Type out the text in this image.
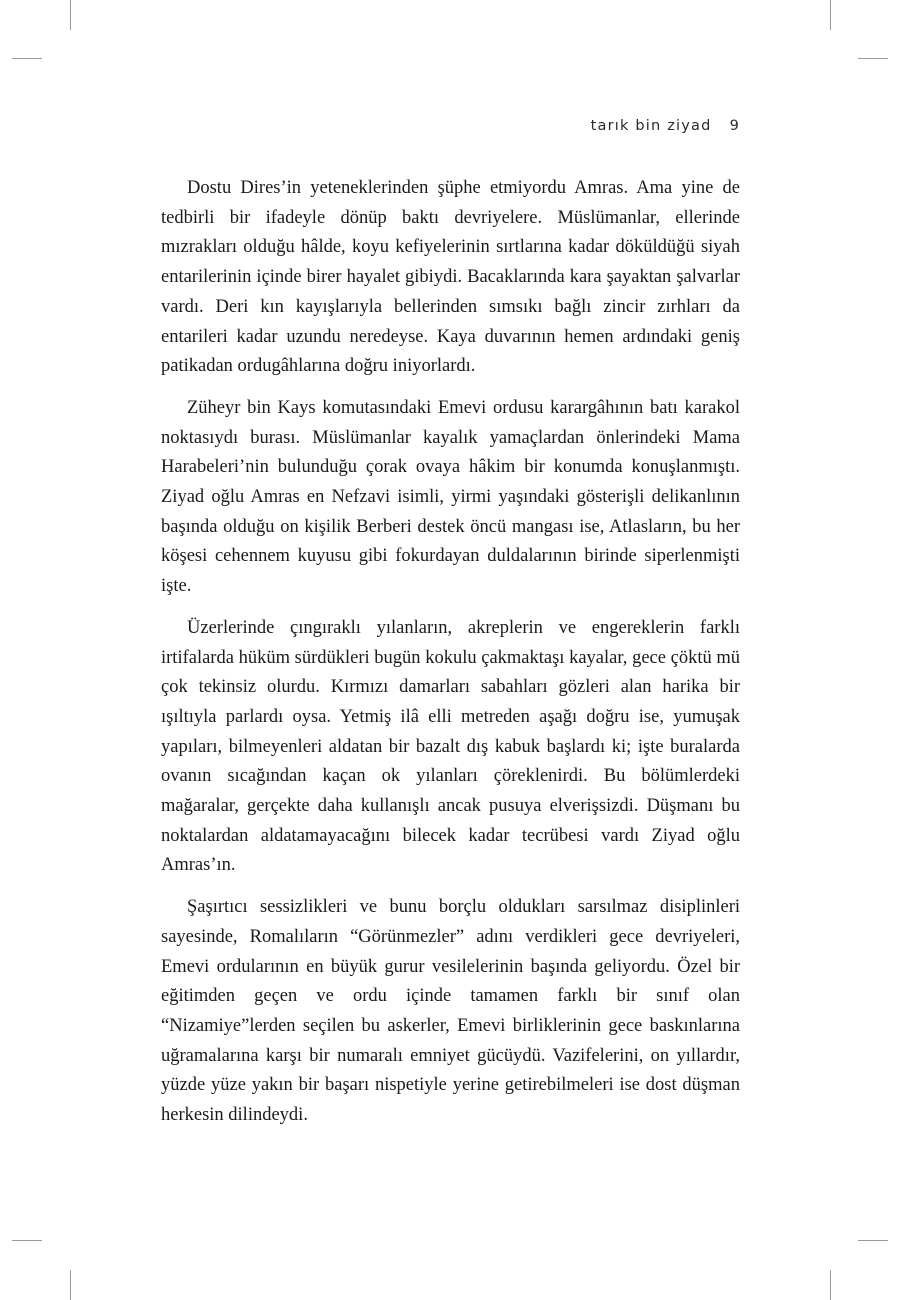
tarık bin ziyad 9

Dostu Dires’in yeteneklerinden şüphe etmiyordu Amras. Ama yine de tedbirli bir ifadeyle dönüp baktı devriyelere. Müslümanlar, ellerinde mızrakları olduğu hâlde, koyu kefiyelerinin sırtlarına kadar döküldüğü siyah entarilerinin içinde birer hayalet gibiydi. Bacaklarında kara şayaktan şalvarlar vardı. Deri kın kayışlarıyla bellerinden sımsıkı bağlı zincir zırhları da entarileri kadar uzundu neredeyse. Kaya duvarının hemen ardındaki geniş patikadan ordugâhlarına doğru iniyorlardı.

Züheyr bin Kays komutasındaki Emevi ordusu karargâhının batı karakol noktasıydı burası. Müslümanlar kayalık yamaçlardan önlerindeki Mama Harabeleri’nin bulunduğu çorak ovaya hâkim bir konumda konuşlanmıştı. Ziyad oğlu Amras en Nefzavi isimli, yirmi yaşındaki gösterişli delikanlının başında olduğu on kişilik Berberi destek öncü mangası ise, Atlasların, bu her köşesi cehennem kuyusu gibi fokurdayan duldalarının birinde siperlenmişti işte.

Üzerlerinde çıngıraklı yılanların, akreplerin ve engereklerin farklı irtifalarda hüküm sürdükleri bugün kokulu çakmaktaşı kayalar, gece çöktü mü çok tekinsiz olurdu. Kırmızı damarları sabahları gözleri alan harika bir ışıltıyla parlardı oysa. Yetmiş ilâ elli metreden aşağı doğru ise, yumuşak yapıları, bilmeyenleri aldatan bir bazalt dış kabuk başlardı ki; işte buralarda ovanın sıcağından kaçan ok yılanları çöreklenirdi. Bu bölümlerdeki mağaralar, gerçekte daha kullanışlı ancak pusuya elverişsizdi. Düşmanı bu noktalardan aldatamayacağını bilecek kadar tecrübesi vardı Ziyad oğlu Amras’ın.

Şaşırtıcı sessizlikleri ve bunu borçlu oldukları sarsılmaz disiplinleri sayesinde, Romalıların “Görünmezler” adını verdikleri gece devriyeleri, Emevi ordularının en büyük gurur vesilelerinin başında geliyordu. Özel bir eğitimden geçen ve ordu içinde tamamen farklı bir sınıf olan “Nizamiye”lerden seçilen bu askerler, Emevi birliklerinin gece baskınlarına uğramalarına karşı bir numaralı emniyet gücüydü. Vazifelerini, on yıllardır, yüzde yüze yakın bir başarı nispetiyle yerine getirebilmeleri ise dost düşman herkesin dilindeydi.
